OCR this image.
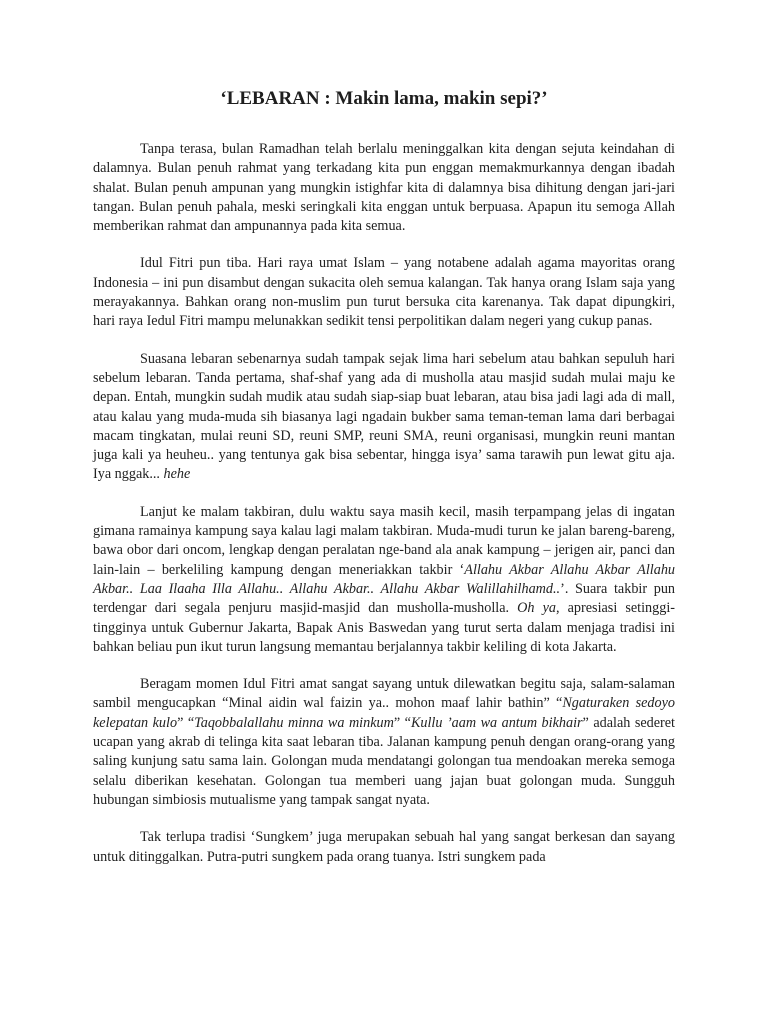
‘LEBARAN : Makin lama, makin sepi?’

Tanpa terasa, bulan Ramadhan telah berlalu meninggalkan kita dengan sejuta keindahan di dalamnya. Bulan penuh rahmat yang terkadang kita pun enggan memakmurkannya dengan ibadah shalat. Bulan penuh ampunan yang mungkin istighfar kita di dalamnya bisa dihitung dengan jari-jari tangan. Bulan penuh pahala, meski seringkali kita enggan untuk berpuasa. Apapun itu semoga Allah memberikan rahmat dan ampunannya pada kita semua.

Idul Fitri pun tiba. Hari raya umat Islam – yang notabene adalah agama mayoritas orang Indonesia – ini pun disambut dengan sukacita oleh semua kalangan. Tak hanya orang Islam saja yang merayakannya. Bahkan orang non-muslim pun turut bersuka cita karenanya. Tak dapat dipungkiri, hari raya Iedul Fitri mampu melunakkan sedikit tensi perpolitikan dalam negeri yang cukup panas.

Suasana lebaran sebenarnya sudah tampak sejak lima hari sebelum atau bahkan sepuluh hari sebelum lebaran. Tanda pertama, shaf-shaf yang ada di musholla atau masjid sudah mulai maju ke depan. Entah, mungkin sudah mudik atau sudah siap-siap buat lebaran, atau bisa jadi lagi ada di mall, atau kalau yang muda-muda sih biasanya lagi ngadain bukber sama teman-teman lama dari berbagai macam tingkatan, mulai reuni SD, reuni SMP, reuni SMA, reuni organisasi, mungkin reuni mantan juga kali ya heuheu.. yang tentunya gak bisa sebentar, hingga isya’ sama tarawih pun lewat gitu aja. Iya nggak... hehe

Lanjut ke malam takbiran, dulu waktu saya masih kecil, masih terpampang jelas di ingatan gimana ramainya kampung saya kalau lagi malam takbiran. Muda-mudi turun ke jalan bareng-bareng, bawa obor dari oncom, lengkap dengan peralatan nge-band ala anak kampung – jerigen air, panci dan lain-lain – berkeliling kampung dengan meneriakkan takbir ‘Allahu Akbar Allahu Akbar Allahu Akbar.. Laa Ilaaha Illa Allahu.. Allahu Akbar.. Allahu Akbar Walillahilhamd..’. Suara takbir pun terdengar dari segala penjuru masjid-masjid dan musholla-musholla. Oh ya, apresiasi setinggi-tingginya untuk Gubernur Jakarta, Bapak Anis Baswedan yang turut serta dalam menjaga tradisi ini bahkan beliau pun ikut turun langsung memantau berjalannya takbir keliling di kota Jakarta.

Beragam momen Idul Fitri amat sangat sayang untuk dilewatkan begitu saja, salam-salaman sambil mengucapkan “Minal aidin wal faizin ya.. mohon maaf lahir bathin” “Ngaturaken sedoyo kelepatan kulo” “Taqobbalallahu minna wa minkum” “Kullu ’aam wa antum bikhair” adalah sederet ucapan yang akrab di telinga kita saat lebaran tiba. Jalanan kampung penuh dengan orang-orang yang saling kunjung satu sama lain. Golongan muda mendatangi golongan tua mendoakan mereka semoga selalu diberikan kesehatan. Golongan tua memberi uang jajan buat golongan muda. Sungguh hubungan simbiosis mutualisme yang tampak sangat nyata.

Tak terlupa tradisi ‘Sungkem’ juga merupakan sebuah hal yang sangat berkesan dan sayang untuk ditinggalkan. Putra-putri sungkem pada orang tuanya. Istri sungkem pada
